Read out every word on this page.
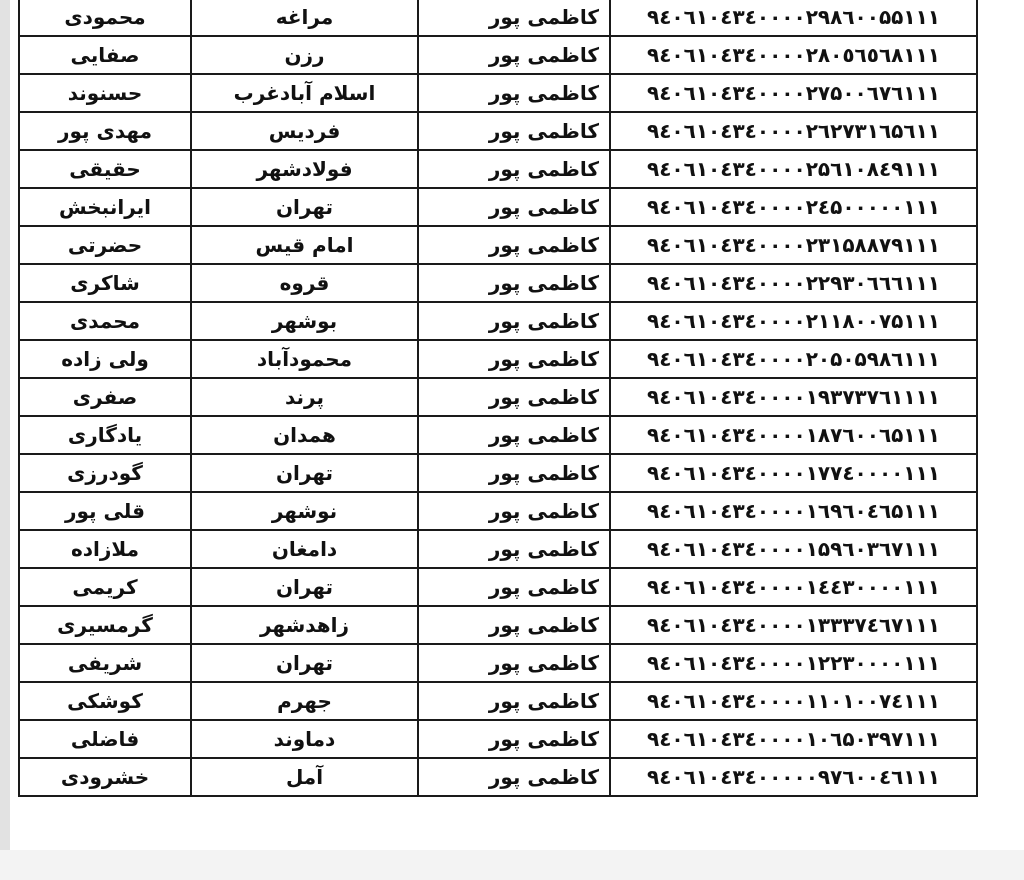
۹٤۰٦۱۰٤۳٤۰۰۰۰۲۹۸٦۰۰۵۵۱۱۱	کاظمی پور	مراغه	محمودی
۹٤۰٦۱۰٤۳٤۰۰۰۰۲۸۰٥٦٥٦۸۱۱۱	کاظمی پور	رزن	صفایی
۹٤۰٦۱۰٤۳٤۰۰۰۰۲۷۵۰۰٦۷٦۱۱۱	کاظمی پور	اسلام آبادغرب	حسنوند
۹٤۰٦۱۰٤۳٤۰۰۰۰۲٦۲۷۳۱٦۵٦۱۱	کاظمی پور	فردیس	مهدی پور
۹٤۰٦۱۰٤۳٤۰۰۰۰۲۵٦۱۰۸٤۹۱۱۱	کاظمی پور	فولادشهر	حقیقی
۹٤۰٦۱۰٤۳٤۰۰۰۰۲٤۵۰۰۰۰۰۱۱۱	کاظمی پور	تهران	ایرانبخش
۹٤۰٦۱۰٤۳٤۰۰۰۰۲۳۱۵۸۸۷۹۱۱۱	کاظمی پور	امام قیس	حضرتی
۹٤۰٦۱۰٤۳٤۰۰۰۰۲۲۹۳۰٦٦٦۱۱۱	کاظمی پور	قروه	شاکری
۹٤۰٦۱۰٤۳٤۰۰۰۰۲۱۱۸۰۰۷۵۱۱۱	کاظمی پور	بوشهر	محمدی
۹٤۰٦۱۰٤۳٤۰۰۰۰۲۰۵۰۵۹۸٦۱۱۱	کاظمی پور	محمودآباد	ولی زاده
۹٤۰٦۱۰٤۳٤۰۰۰۰۱۹۳۷۳۷٦۱۱۱۱	کاظمی پور	پرند	صفری
۹٤۰٦۱۰٤۳٤۰۰۰۰۱۸۷٦۰۰٦۵۱۱۱	کاظمی پور	همدان	یادگاری
۹٤۰٦۱۰٤۳٤۰۰۰۰۱۷۷٤۰۰۰۰۱۱۱	کاظمی پور	تهران	گودرزی
۹٤۰٦۱۰٤۳٤۰۰۰۰۱٦۹٦۰٤٦۵۱۱۱	کاظمی پور	نوشهر	قلی پور
۹٤۰٦۱۰٤۳٤۰۰۰۰۱۵۹٦۰۳٦۷۱۱۱	کاظمی پور	دامغان	ملازاده
۹٤۰٦۱۰٤۳٤۰۰۰۰۱٤٤۳۰۰۰۰۱۱۱	کاظمی پور	تهران	کریمی
۹٤۰٦۱۰٤۳٤۰۰۰۰۱۳۳۳۷٤٦۷۱۱۱	کاظمی پور	زاهدشهر	گرمسیری
۹٤۰٦۱۰٤۳٤۰۰۰۰۱۲۲۳۰۰۰۰۱۱۱	کاظمی پور	تهران	شریفی
۹٤۰٦۱۰٤۳٤۰۰۰۰۱۱۰۱۰۰۷٤۱۱۱	کاظمی پور	جهرم	کوشکی
۹٤۰٦۱۰٤۳٤۰۰۰۰۱۰٦۵۰۳۹۷۱۱۱	کاظمی پور	دماوند	فاضلی
۹٤۰٦۱۰٤۳٤۰۰۰۰۰۹۷٦۰۰٤٦۱۱۱	کاظمی پور	آمل	خشرودی
